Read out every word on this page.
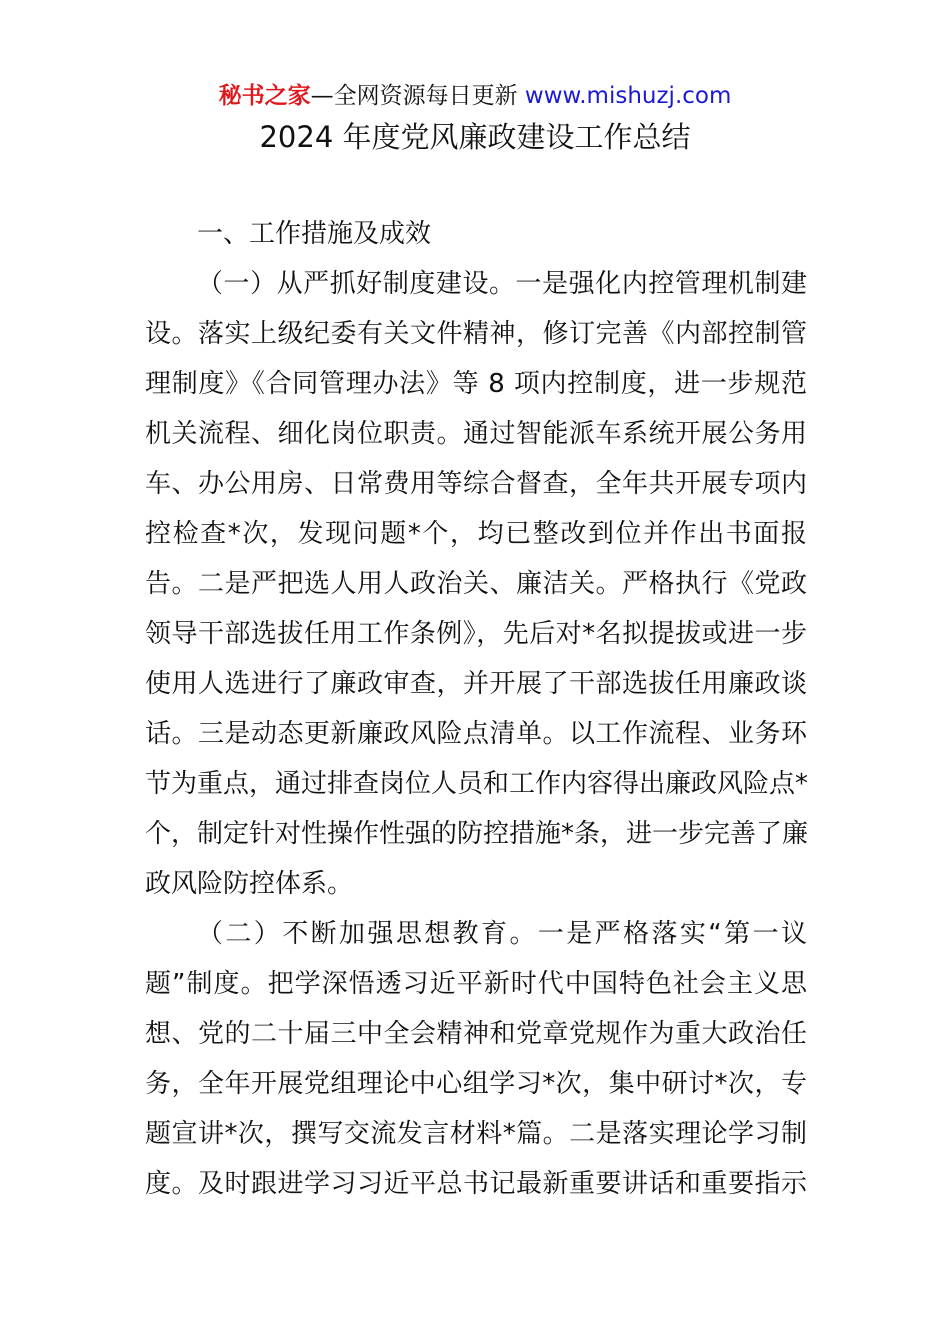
秘书之家—全网资源每日更新 www.mishuzj.com
2024 年度党风廉政建设工作总结
一、工作措施及成效
（一）从严抓好制度建设。一是强化内控管理机制建
设。落实上级纪委有关文件精神，修订完善《内部控制管
理制度》《合同管理办法》等 8 项内控制度，进一步规范
机关流程、细化岗位职责。通过智能派车系统开展公务用
车、办公用房、日常费用等综合督查，全年共开展专项内
控检查*次，发现问题*个，均已整改到位并作出书面报
告。二是严把选人用人政治关、廉洁关。严格执行《党政
领导干部选拔任用工作条例》，先后对*名拟提拔或进一步
使用人选进行了廉政审查，并开展了干部选拔任用廉政谈
话。三是动态更新廉政风险点清单。以工作流程、业务环
节为重点，通过排查岗位人员和工作内容得出廉政风险点*
个，制定针对性操作性强的防控措施*条，进一步完善了廉
政风险防控体系。
（二）不断加强思想教育。一是严格落实“第一议
题”制度。把学深悟透习近平新时代中国特色社会主义思
想、党的二十届三中全会精神和党章党规作为重大政治任
务，全年开展党组理论中心组学习*次，集中研讨*次，专
题宣讲*次，撰写交流发言材料*篇。二是落实理论学习制
度。及时跟进学习习近平总书记最新重要讲话和重要指示
